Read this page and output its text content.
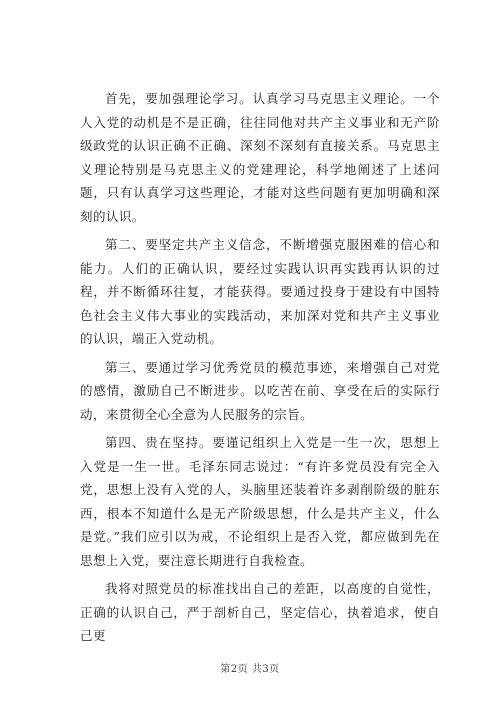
首先，要加强理论学习。认真学习马克思主义理论。一个人入党的动机是不是正确，往往同他对共产主义事业和无产阶级政党的认识正确不正确、深刻不深刻有直接关系。马克思主义理论特别是马克思主义的党建理论，科学地阐述了上述问题，只有认真学习这些理论，才能对这些问题有更加明确和深刻的认识。

第二、要坚定共产主义信念，不断增强克服困难的信心和能力。人们的正确认识，要经过实践认识再实践再认识的过程，并不断循环往复，才能获得。要通过投身于建设有中国特色社会主义伟大事业的实践活动，来加深对党和共产主义事业的认识，端正入党动机。

第三、要通过学习优秀党员的模范事迹，来增强自己对党的感情，激励自己不断进步。以吃苦在前、享受在后的实际行动，来贯彻全心全意为人民服务的宗旨。

第四、贵在坚持。要谨记组织上入党是一生一次，思想上入党是一生一世。毛泽东同志说过：“有许多党员没有完全入党，思想上没有入党的人，头脑里还装着许多剥削阶级的脏东西，根本不知道什么是无产阶级思想，什么是共产主义，什么是党。”我们应引以为戒，不论组织上是否入党，都应做到先在思想上入党，要注意长期进行自我检查。

我将对照党员的标准找出自己的差距，以高度的自觉性，正确的认识自己，严于剖析自己，坚定信心，执着追求，使自己更

第2页 共3页
